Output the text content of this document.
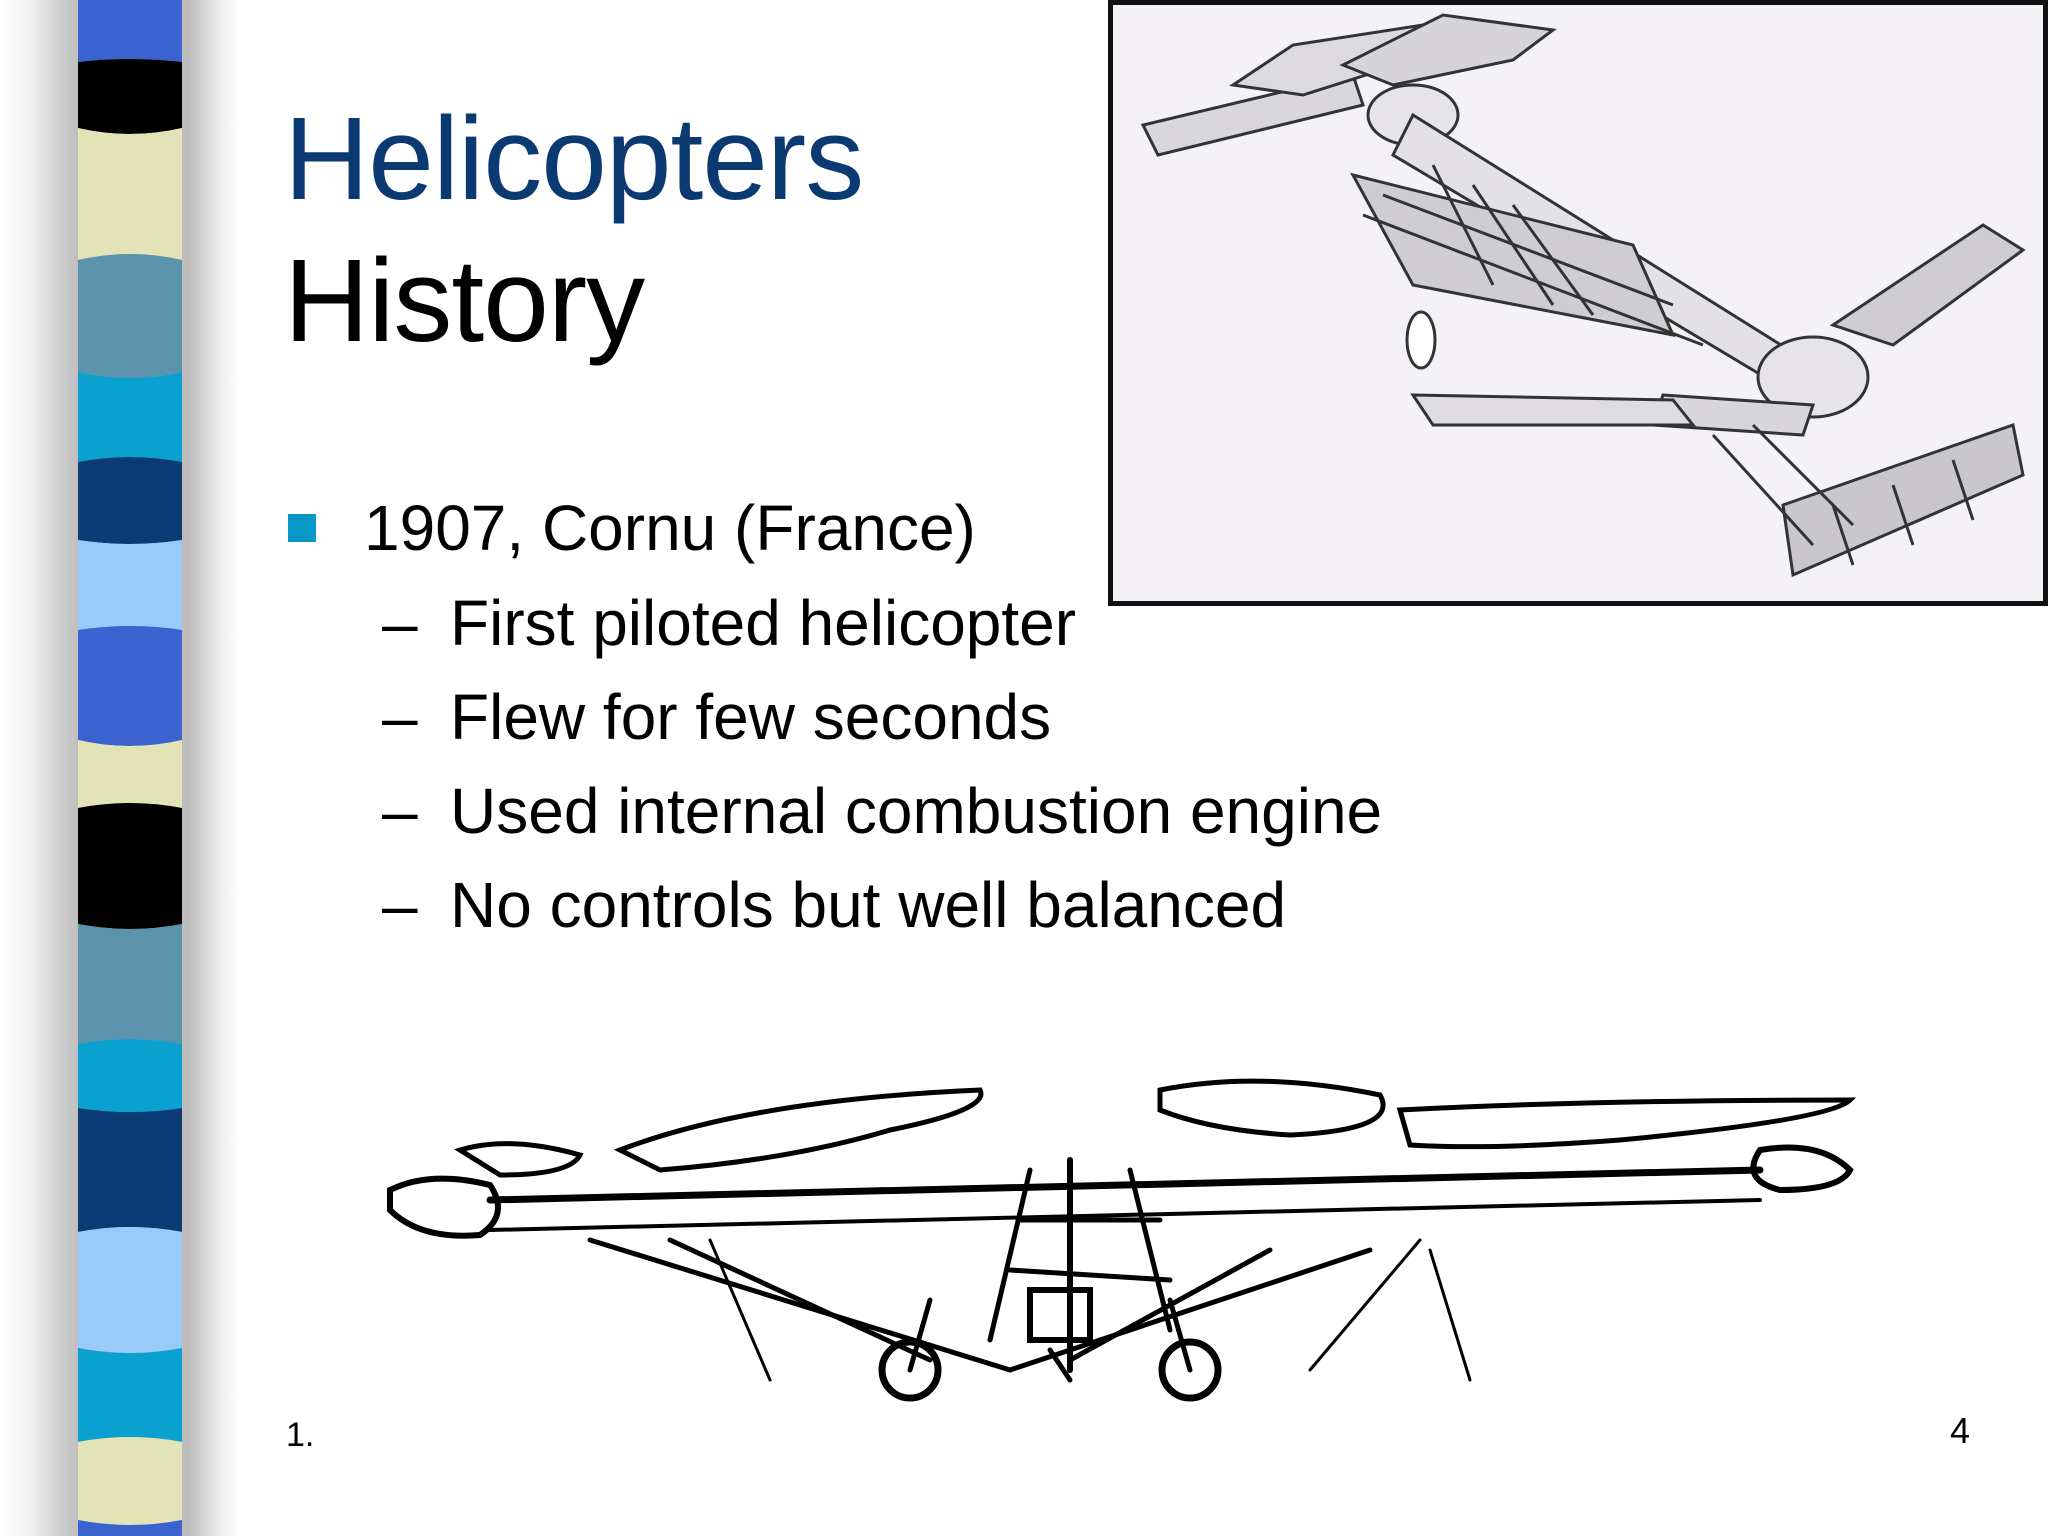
Helicopters
History
1907, Cornu (France)
– First piloted helicopter
– Flew for few seconds
– Used internal combustion engine
– No controls but well balanced
1.	4
